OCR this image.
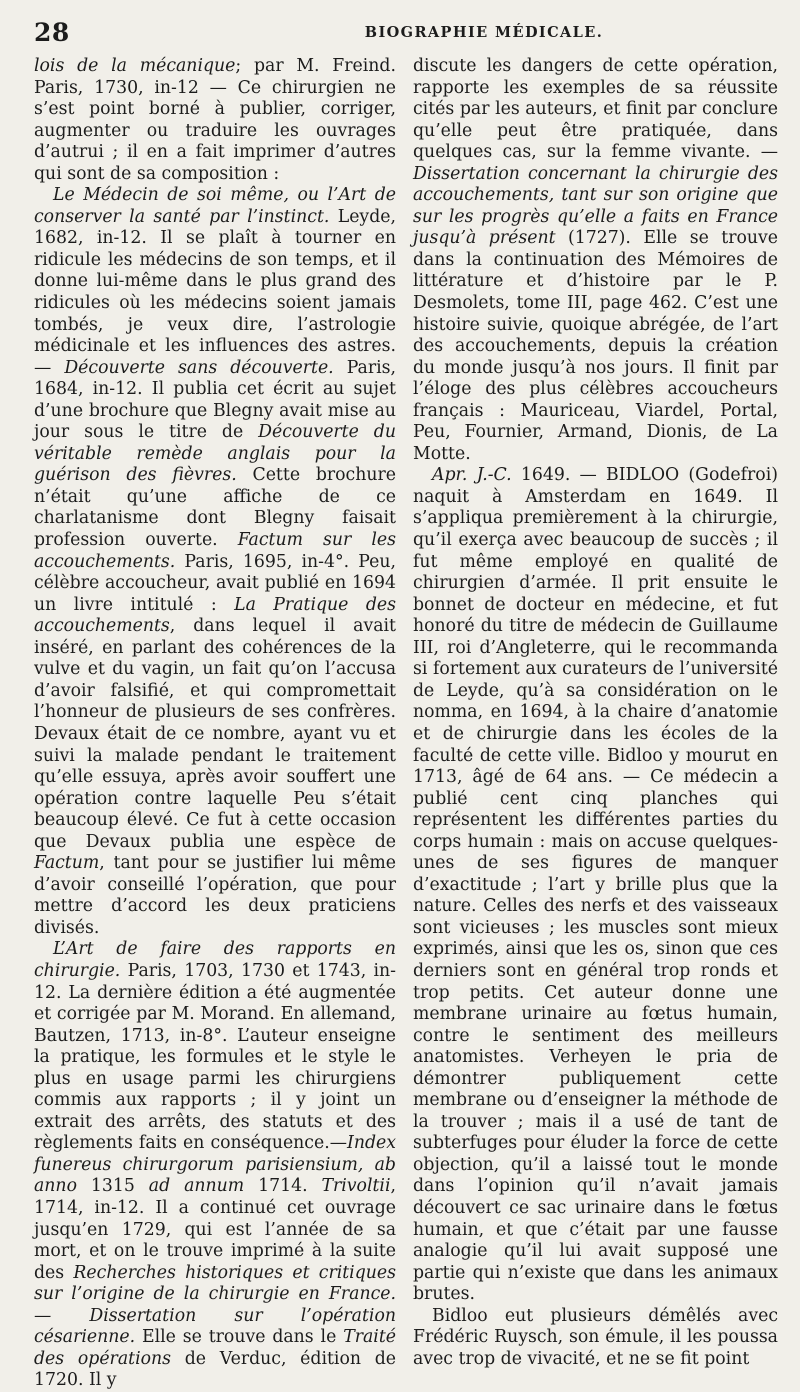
28	BIOGRAPHIE MÉDICALE.

lois de la mécanique; par M. Freind. Paris, 1730, in-12 — Ce chirurgien ne s’est point borné à publier, corriger, augmenter ou traduire les ouvrages d’autrui ; il en a fait imprimer d’autres qui sont de sa composition :

Le Médecin de soi même, ou l’Art de conserver la santé par l’instinct. Leyde, 1682, in-12. Il se plaît à tourner en ridicule les médecins de son temps, et il donne lui-même dans le plus grand des ridicules où les médecins soient jamais tombés, je veux dire, l’astrologie médicinale et les influences des astres. — Découverte sans découverte. Paris, 1684, in-12. Il publia cet écrit au sujet d’une brochure que Blegny avait mise au jour sous le titre de Découverte du véritable remède anglais pour la guérison des fièvres. Cette brochure n’était qu’une affiche de ce charlatanisme dont Blegny faisait profession ouverte. Factum sur les accouchements. Paris, 1695, in-4°. Peu, célèbre accoucheur, avait publié en 1694 un livre intitulé : La Pratique des accouchements, dans lequel il avait inséré, en parlant des cohérences de la vulve et du vagin, un fait qu’on l’accusa d’avoir falsifié, et qui compromettait l’honneur de plusieurs de ses confrères. Devaux était de ce nombre, ayant vu et suivi la malade pendant le traitement qu’elle essuya, après avoir souffert une opération contre laquelle Peu s’était beaucoup élevé. Ce fut à cette occasion que Devaux publia une espèce de Factum, tant pour se justifier lui même d’avoir conseillé l’opération, que pour mettre d’accord les deux praticiens divisés.

L’Art de faire des rapports en chirurgie. Paris, 1703, 1730 et 1743, in-12. La dernière édition a été augmentée et corrigée par M. Morand. En allemand, Bautzen, 1713, in-8°. L’auteur enseigne la pratique, les formules et le style le plus en usage parmi les chirurgiens commis aux rapports ; il y joint un extrait des arrêts, des statuts et des règlements faits en conséquence.—Index funereus chirurgorum parisiensium, ab anno 1315 ad annum 1714. Trivoltii, 1714, in-12. Il a continué cet ouvrage jusqu’en 1729, qui est l’année de sa mort, et on le trouve imprimé à la suite des Recherches historiques et critiques sur l’origine de la chirurgie en France. — Dissertation sur l’opération césarienne. Elle se trouve dans le Traité des opérations de Verduc, édition de 1720. Il y

discute les dangers de cette opération, rapporte les exemples de sa réussite cités par les auteurs, et finit par conclure qu’elle peut être pratiquée, dans quelques cas, sur la femme vivante. — Dissertation concernant la chirurgie des accouchements, tant sur son origine que sur les progrès qu’elle a faits en France jusqu’à présent (1727). Elle se trouve dans la continuation des Mémoires de littérature et d’histoire par le P. Desmolets, tome III, page 462. C’est une histoire suivie, quoique abrégée, de l’art des accouchements, depuis la création du monde jusqu’à nos jours. Il finit par l’éloge des plus célèbres accoucheurs français : Mauriceau, Viardel, Portal, Peu, Fournier, Armand, Dionis, de La Motte.

Apr. J.-C. 1649. — BIDLOO (Godefroi) naquit à Amsterdam en 1649. Il s’appliqua premièrement à la chirurgie, qu’il exerça avec beaucoup de succès ; il fut même employé en qualité de chirurgien d’armée. Il prit ensuite le bonnet de docteur en médecine, et fut honoré du titre de médecin de Guillaume III, roi d’Angleterre, qui le recommanda si fortement aux curateurs de l’université de Leyde, qu’à sa considération on le nomma, en 1694, à la chaire d’anatomie et de chirurgie dans les écoles de la faculté de cette ville. Bidloo y mourut en 1713, âgé de 64 ans. — Ce médecin a publié cent cinq planches qui représentent les différentes parties du corps humain : mais on accuse quelques-unes de ses figures de manquer d’exactitude ; l’art y brille plus que la nature. Celles des nerfs et des vaisseaux sont vicieuses ; les muscles sont mieux exprimés, ainsi que les os, sinon que ces derniers sont en général trop ronds et trop petits. Cet auteur donne une membrane urinaire au fœtus humain, contre le sentiment des meilleurs anatomistes. Verheyen le pria de démontrer publiquement cette membrane ou d’enseigner la méthode de la trouver ; mais il a usé de tant de subterfuges pour éluder la force de cette objection, qu’il a laissé tout le monde dans l’opinion qu’il n’avait jamais découvert ce sac urinaire dans le fœtus humain, et que c’était par une fausse analogie qu’il lui avait supposé une partie qui n’existe que dans les animaux brutes.

Bidloo eut plusieurs démêlés avec Frédéric Ruysch, son émule, il les poussa avec trop de vivacité, et ne se fit point
